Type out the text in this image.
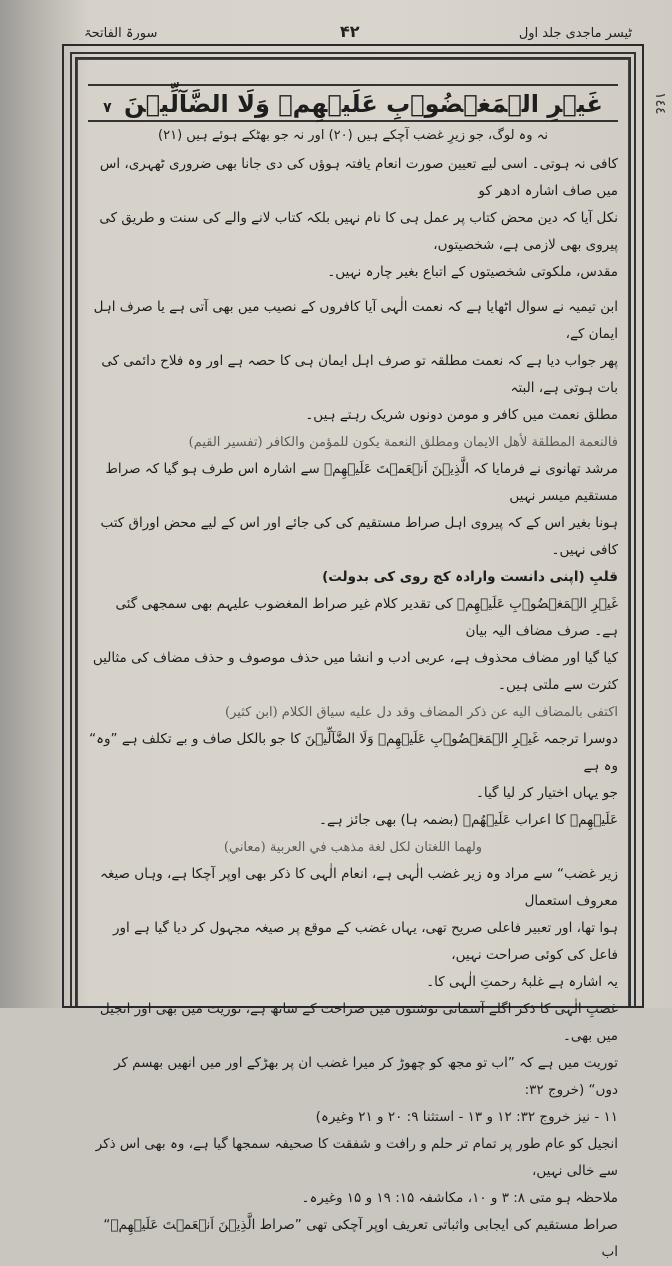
ٹیسر ماجدی جلد اول
۴۲
سورۃ الفاتحۃ
١٤٤
غَيۡرِ الۡمَغۡضُوۡبِ عَلَيۡهِمۡ وَلَا الضَّآلِّيۡنَ ۷
نہ وہ لوگ، جو زیرِ غضب آچکے ہیں (۲۰) اور نہ جو بھٹکے ہوئے ہیں (۲۱)

کافی نہ ہوتی۔ اسی لیے تعیین صورت انعام یافتہ ہوؤں کی دی جانا بھی ضروری ٹھہری، اس میں صاف اشارہ ادھر کو

نکل آیا کہ دین محض کتاب پر عمل ہی کا نام نہیں بلکہ کتاب لانے والے کی سنت و طریق کی پیروی بھی لازمی ہے، شخصیتوں،

مقدس، ملکوتی شخصیتوں کے اتباع بغیر چارہ نہیں۔

ابن تیمیہ نے سوال اٹھایا ہے کہ نعمت الٰہی آیا کافروں کے نصیب میں بھی آتی ہے یا صرف اہل ایمان کے،

پھر جواب دیا ہے کہ نعمت مطلقہ تو صرف اہل ایمان ہی کا حصہ ہے اور وہ فلاح دائمی کی بات ہوتی ہے، البتہ

مطلق نعمت میں کافر و مومن دونوں شریک رہتے ہیں۔

فالنعمة المطلقة لأهل الايمان ومطلق النعمة يكون للمؤمن والكافر (تفسير القيم)

مرشد تھانوی نے فرمایا کہ الَّذِيۡنَ اَنۡعَمۡتَ عَلَيۡهِمۡ سے اشارہ اس طرف ہو گیا کہ صراط مستقیم میسر نہیں

ہونا بغیر اس کے کہ پیروی اہل صراط مستقیم کی کی جائے اور اس کے لیے محض اوراق کتب کافی نہیں۔

قلبِ (اپنی دانست وارادہ کج روی کی بدولت)

غَيۡرِ الۡمَغۡضُوۡبِ عَلَيۡهِمۡ کی تقدیر کلام غیر صراط المغضوب علیہم بھی سمجھی گئی ہے۔ صرف مضاف الیہ بیان

کیا گیا اور مضاف محذوف ہے، عربی ادب و انشا میں حذف موصوف و حذف مضاف کی مثالیں کثرت سے ملتی ہیں۔

اكتفى بالمضاف اليه عن ذكر المضاف وقد دل عليه سياق الكلام (ابن كثير)

دوسرا ترجمہ غَيۡرِ الۡمَغۡضُوۡبِ عَلَيۡهِمۡ وَلَا الضَّآلِّيۡنَ کا جو بالکل صاف و بے تکلف ہے ”وہ“ وہ ہے

جو یہاں اختیار کر لیا گیا۔

عَلَيۡهِمۡ کا اعراب عَلَيۡهُمۡ (بضمہ ہا) بھی جائز ہے۔

ولهما اللغتان لكل لغة مذهب في العربية (معاني)

زیر غضب“ سے مراد وہ زیر غضب الٰہی ہے، انعام الٰہی کا ذکر بھی اوپر آچکا ہے، وہاں صیغہ معروف استعمال

ہوا تھا، اور تعبیر فاعلی صریح تھی، یہاں غضب کے موقع پر صیغہ مجہول کر دیا گیا ہے اور فاعل کی کوئی صراحت نہیں،

یہ اشارہ ہے غلبۂ رحمتِ الٰہی کا۔

غضبِ الٰہی کا ذکر اگلے آسمانی نوشتوں میں صراحت کے ساتھ ہے، توریت میں بھی اور انجیل میں بھی۔

توریت میں ہے کہ ”اب تو مجھ کو چھوڑ کر میرا غضب ان پر بھڑکے اور میں انھیں بھسم کر دوں“ (خروج ۳۲:

۱۱ - نیز خروج ۳۲: ۱۲ و ۱۳ - استثنا ۹: ۲۰ و ۲۱ وغیرہ)

انجیل کو عام طور پر تمام تر حلم و رافت و شفقت کا صحیفہ سمجھا گیا ہے، وہ بھی اس ذکر سے خالی نہیں،

ملاحظہ ہو متی ۸: ۳ و ۱۰، مکاشفہ ۱۵: ۱۹ و ۱۵ وغیرہ۔

صراط مستقیم کی ایجابی واثباتی تعریف اوپر آچکی تھی ”صراط الَّذِيۡنَ اَنۡعَمۡتَ عَلَيۡهِمۡ“ اب
